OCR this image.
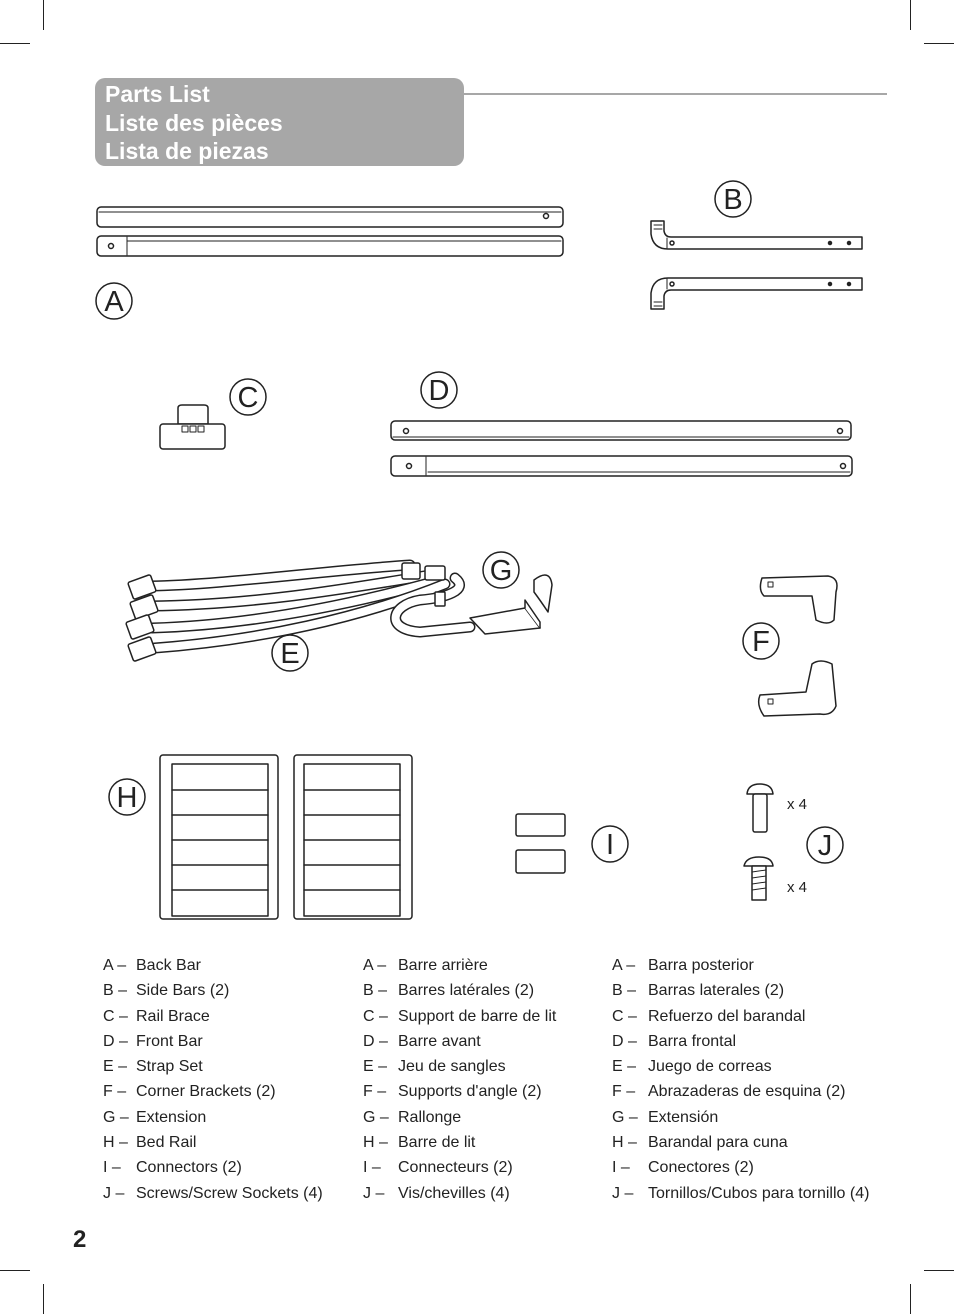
Parts List
Liste des pièces
Lista de piezas
A
B
C	D
E
G
F
H
I	J
x 4
x 4
A – Back Bar
B – Side Bars (2)
C – Rail Brace
D – Front Bar
E – Strap Set
F – Corner Brackets (2)
G – Extension
H – Bed Rail
I – Connectors (2)
J – Screws/Screw Sockets (4)
A – Barre arrière
B – Barres latérales (2)
C – Support de barre de lit
D – Barre avant
E – Jeu de sangles
F – Supports d'angle (2)
G – Rallonge
H – Barre de lit
I – Connecteurs (2)
J – Vis/chevilles (4)
A – Barra posterior
B – Barras laterales (2)
C – Refuerzo del barandal
D – Barra frontal
E – Juego de correas
F – Abrazaderas de esquina (2)
G – Extensión
H – Barandal para cuna
I – Conectores (2)
J – Tornillos/Cubos para tornillo (4)
2
